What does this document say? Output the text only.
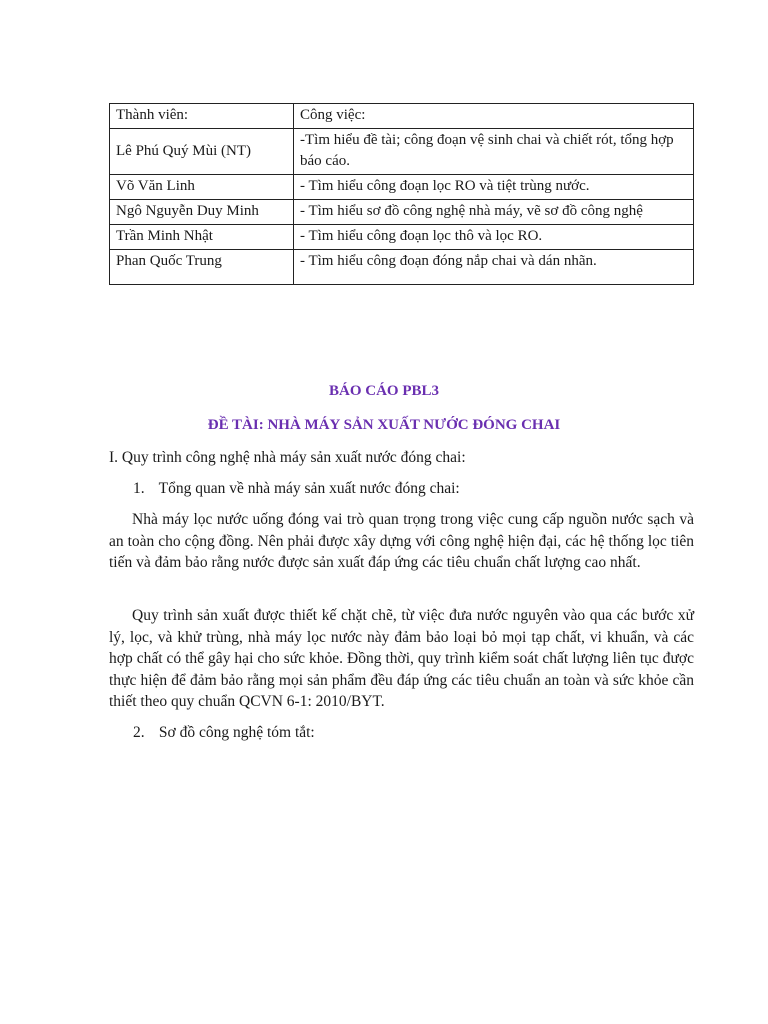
Thành viên:	Công việc:
Lê Phú Quý Mùi (NT)	-Tìm hiểu đề tài; công đoạn vệ sinh chai và chiết rót, tổng hợp báo cáo.
Võ Văn Linh	- Tìm hiểu công đoạn lọc RO và tiệt trùng nước.
Ngô Nguyễn Duy Minh	- Tìm hiểu sơ đồ công nghệ nhà máy, vẽ sơ đồ công nghệ
Trần Minh Nhật	- Tìm hiểu công đoạn lọc thô và lọc RO.
Phan Quốc Trung	- Tìm hiểu công đoạn đóng nắp chai và dán nhãn.
BÁO CÁO PBL3
ĐỀ TÀI: NHÀ MÁY SẢN XUẤT NƯỚC ĐÓNG CHAI
I. Quy trình công nghệ nhà máy sản xuất nước đóng chai:
1. Tổng quan về nhà máy sản xuất nước đóng chai:

Nhà máy lọc nước uống đóng vai trò quan trọng trong việc cung cấp nguồn nước sạch và an toàn cho cộng đồng. Nên phải được xây dựng với công nghệ hiện đại, các hệ thống lọc tiên tiến và đảm bảo rằng nước được sản xuất đáp ứng các tiêu chuẩn chất lượng cao nhất.

Quy trình sản xuất được thiết kế chặt chẽ, từ việc đưa nước nguyên vào qua các bước xử lý, lọc, và khử trùng, nhà máy lọc nước này đảm bảo loại bỏ mọi tạp chất, vi khuẩn, và các hợp chất có thể gây hại cho sức khỏe. Đồng thời, quy trình kiểm soát chất lượng liên tục được thực hiện để đảm bảo rằng mọi sản phẩm đều đáp ứng các tiêu chuẩn an toàn và sức khỏe cần thiết theo quy chuẩn QCVN 6-1: 2010/BYT.

2. Sơ đồ công nghệ tóm tắt:
